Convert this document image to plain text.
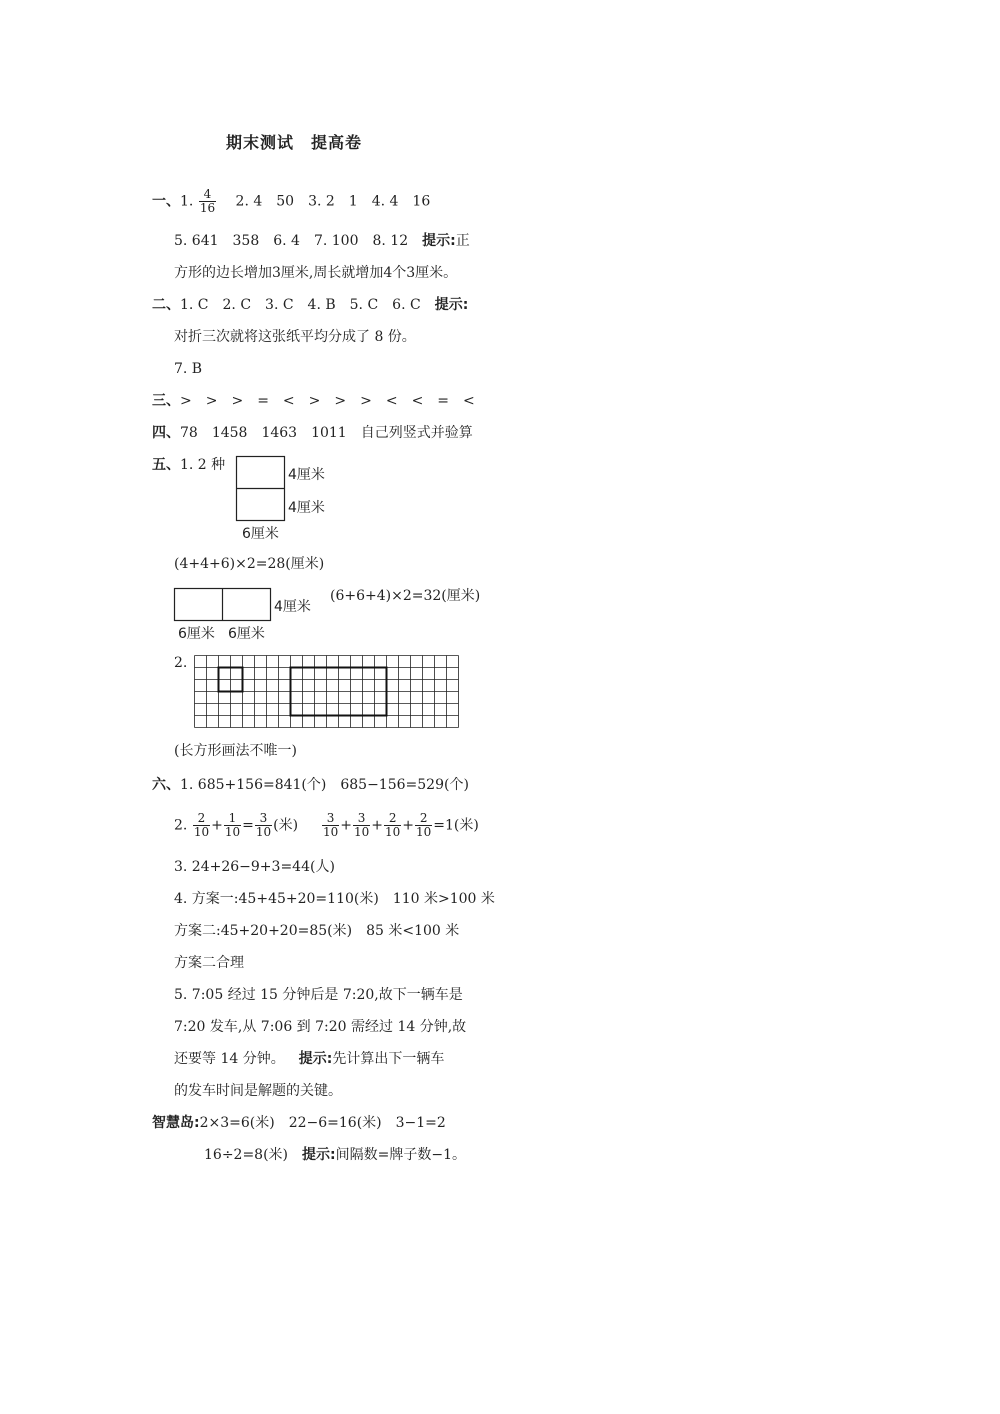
期末测试　提高卷
一、1. $\frac{4}{16} 2$. 4　50　3. 2　1　4. 4　16
5. 641　358　6. 4　7. 100　8. 12 提示:正
方形的边长增加3厘米,周长就增加4个3厘米。
二、1. C　2. C　3. C　4. B　5. C　6. C 提示:
对折三次就将这张纸平均分成了 8 份。
7. B
三、>　>　>　=　<　>　>　>　<　<　=　<
四、78　1458　1463　1011　自己列竖式并验算
五、1. 2 种
4厘米
4厘米
6厘米
(4+4+6)×2=28(厘米)
4厘米
(6+6+4)×2=32(厘米)
6厘米 6厘米
2.
(长方形画法不唯一)
六、1. 685+156=841(个)　685−156=529(个)
2. $\frac{2}{10} + \frac{1}{10} = \frac{3}{10}$ (米) $\frac{3}{10} + \frac{3}{10} + \frac{2}{10} + \frac{2}{10} =1$(米)
3. 24+26−9+3=44(人)
4. 方案一:45+45+20=110(米)　110 米>100 米
方案二:45+20+20=85(米)　85 米<100 米
方案二合理
5. 7:05 经过 15 分钟后是 7:20,故下一辆车是
7:20 发车,从 7:06 到 7:20 需经过 14 分钟,故
还要等 14 分钟。 提示:先计算出下一辆车
的发车时间是解题的关键。
智慧岛:2×3=6(米)　22−6=16(米)　3−1=2
16÷2=8(米) 提示:间隔数=牌子数−1。
